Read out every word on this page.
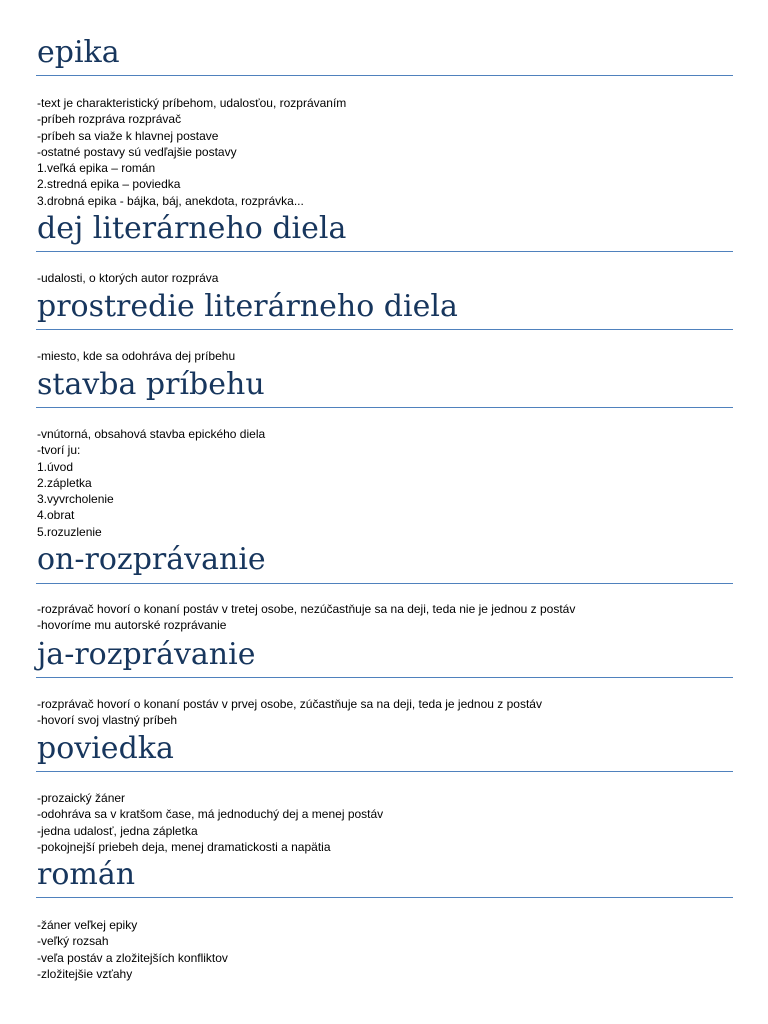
epika
-text je charakteristický príbehom, udalosťou, rozprávaním
-príbeh rozpráva rozprávač
-príbeh sa viaže k hlavnej postave
-ostatné postavy sú vedľajšie postavy
1.veľká epika – román
2.stredná epika – poviedka
3.drobná epika - bájka, báj, anekdota, rozprávka...
dej literárneho diela
-udalosti, o ktorých autor rozpráva
prostredie literárneho diela
-miesto, kde sa odohráva dej príbehu
stavba príbehu
-vnútorná, obsahová stavba epického diela
-tvorí ju:
1.úvod
2.zápletka
3.vyvrcholenie
4.obrat
5.rozuzlenie
on-rozprávanie
-rozprávač hovorí o konaní postáv v tretej osobe, nezúčastňuje sa na deji, teda nie je jednou z postáv
-hovoríme mu autorské rozprávanie
ja-rozprávanie
-rozprávač hovorí o konaní postáv v prvej osobe, zúčastňuje sa na deji, teda je jednou z postáv
-hovorí svoj vlastný príbeh
poviedka
-prozaický žáner
-odohráva sa v kratšom čase, má jednoduchý dej a menej postáv
-jedna udalosť, jedna zápletka
-pokojnejší priebeh deja, menej dramatickosti a napätia
román
-žáner veľkej epiky
-veľký rozsah
-veľa postáv a zložitejších konfliktov
-zložitejšie vzťahy
